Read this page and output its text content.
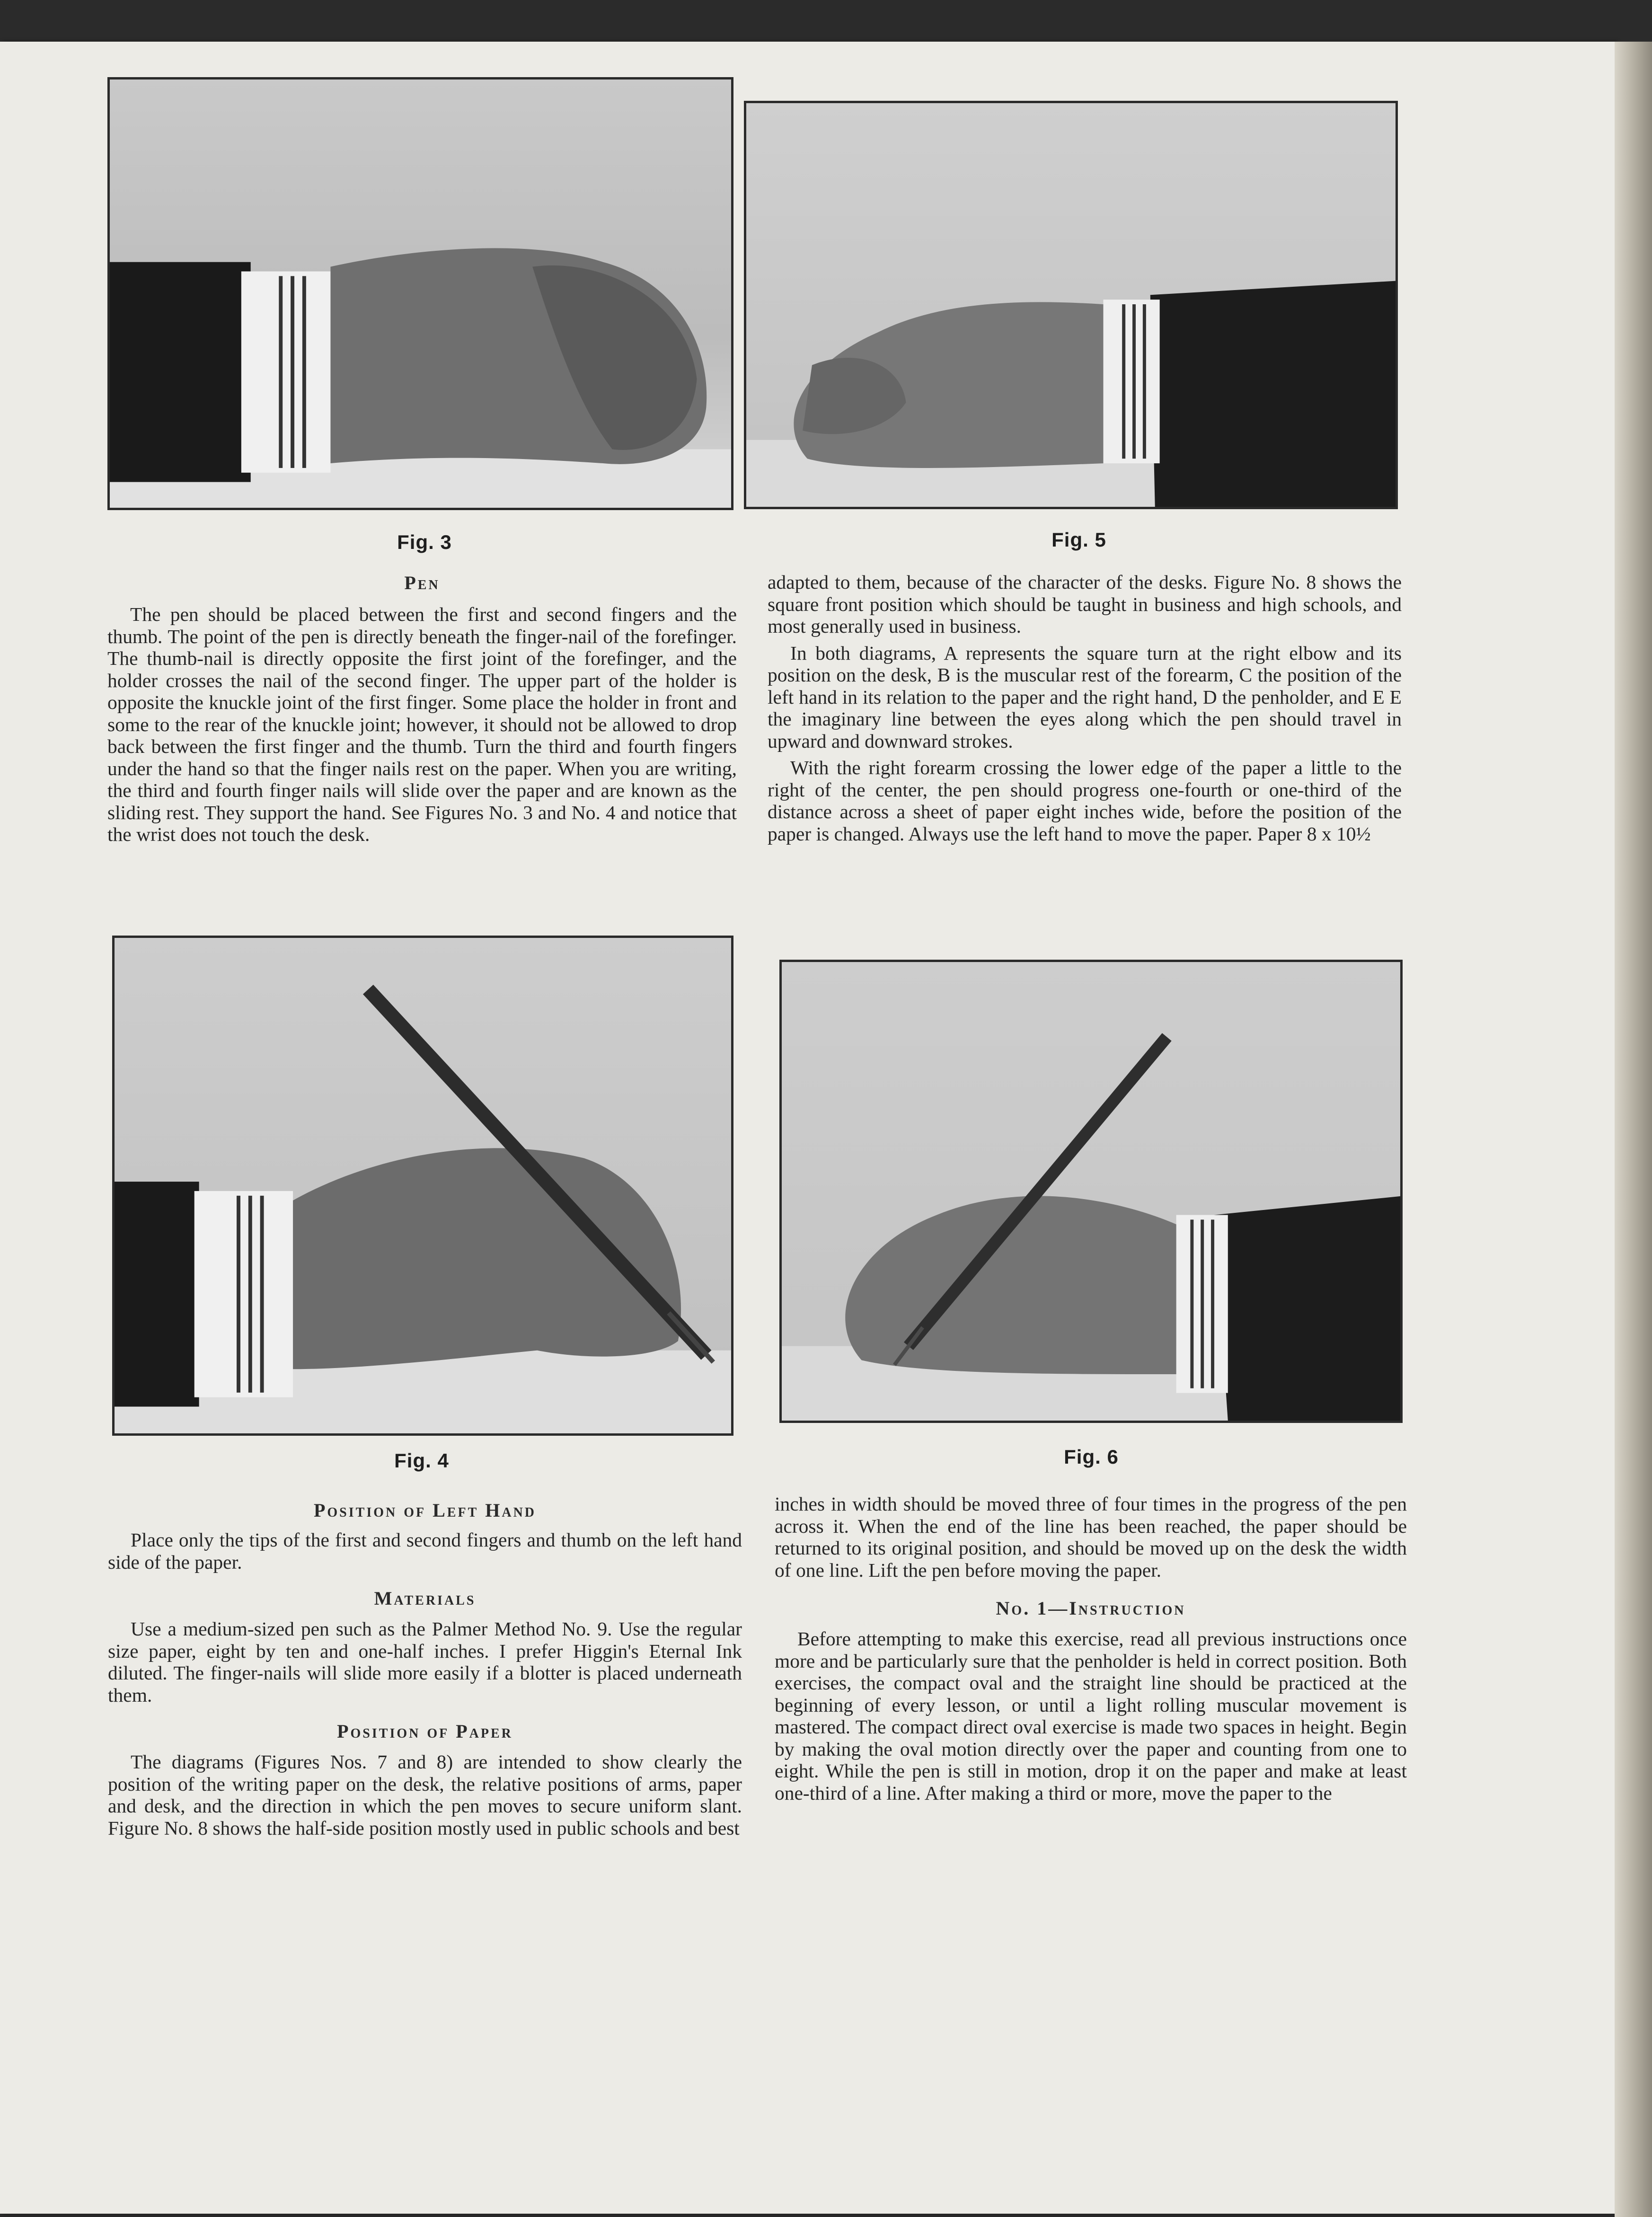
Fig. 3	Fig. 5
Pen

The pen should be placed between the first and second fingers and the thumb. The point of the pen is directly beneath the finger-nail of the forefinger. The thumb-nail is directly opposite the first joint of the forefinger, and the holder crosses the nail of the second finger. The upper part of the holder is opposite the knuckle joint of the first finger. Some place the holder in front and some to the rear of the knuckle joint; however, it should not be allowed to drop back between the first finger and the thumb. Turn the third and fourth fingers under the hand so that the finger nails rest on the paper. When you are writing, the third and fourth finger nails will slide over the paper and are known as the sliding rest. They support the hand. See Figures No. 3 and No. 4 and notice that the wrist does not touch the desk.

adapted to them, because of the character of the desks. Figure No. 8 shows the square front position which should be taught in business and high schools, and most generally used in business.

In both diagrams, A represents the square turn at the right elbow and its position on the desk, B is the muscular rest of the forearm, C the position of the left hand in its relation to the paper and the right hand, D the penholder, and E E the imaginary line between the eyes along which the pen should travel in upward and downward strokes.

With the right forearm crossing the lower edge of the paper a little to the right of the center, the pen should progress one-fourth or one-third of the distance across a sheet of paper eight inches wide, before the position of the paper is changed. Always use the left hand to move the paper. Paper 8 x 10½

Fig. 4	Fig. 6
Position of Left Hand

Place only the tips of the first and second fingers and thumb on the left hand side of the paper.

Materials

Use a medium-sized pen such as the Palmer Method No. 9. Use the regular size paper, eight by ten and one-half inches. I prefer Higgin's Eternal Ink diluted. The finger-nails will slide more easily if a blotter is placed underneath them.

Position of Paper

The diagrams (Figures Nos. 7 and 8) are intended to show clearly the position of the writing paper on the desk, the relative positions of arms, paper and desk, and the direction in which the pen moves to secure uniform slant. Figure No. 8 shows the half-side position mostly used in public schools and best

inches in width should be moved three of four times in the progress of the pen across it. When the end of the line has been reached, the paper should be returned to its original position, and should be moved up on the desk the width of one line. Lift the pen before moving the paper.

No. 1—Instruction

Before attempting to make this exercise, read all previous instructions once more and be particularly sure that the penholder is held in correct position. Both exercises, the compact oval and the straight line should be practiced at the beginning of every lesson, or until a light rolling muscular movement is mastered. The compact direct oval exercise is made two spaces in height. Begin by making the oval motion directly over the paper and counting from one to eight. While the pen is still in motion, drop it on the paper and make at least one-third of a line. After making a third or more, move the paper to the
